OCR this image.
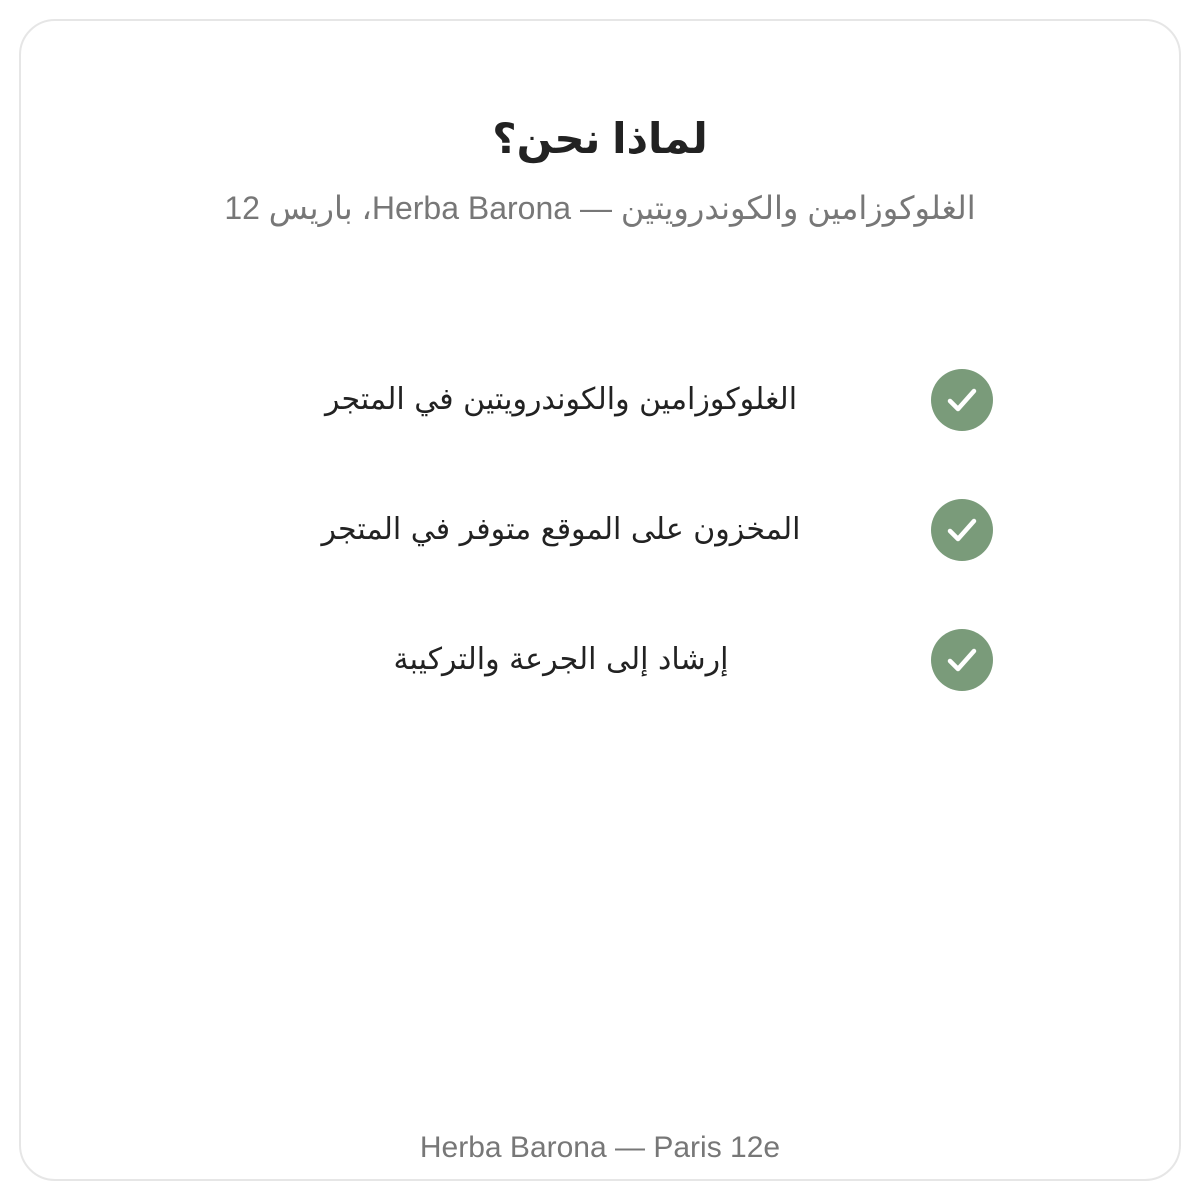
لماذا نحن؟
الغلوكوزامين والكوندرويتين — Herba Barona، باريس 12
الغلوكوزامين والكوندرويتين في المتجر
المخزون على الموقع متوفر في المتجر
إرشاد إلى الجرعة والتركيبة
Herba Barona — Paris 12e
